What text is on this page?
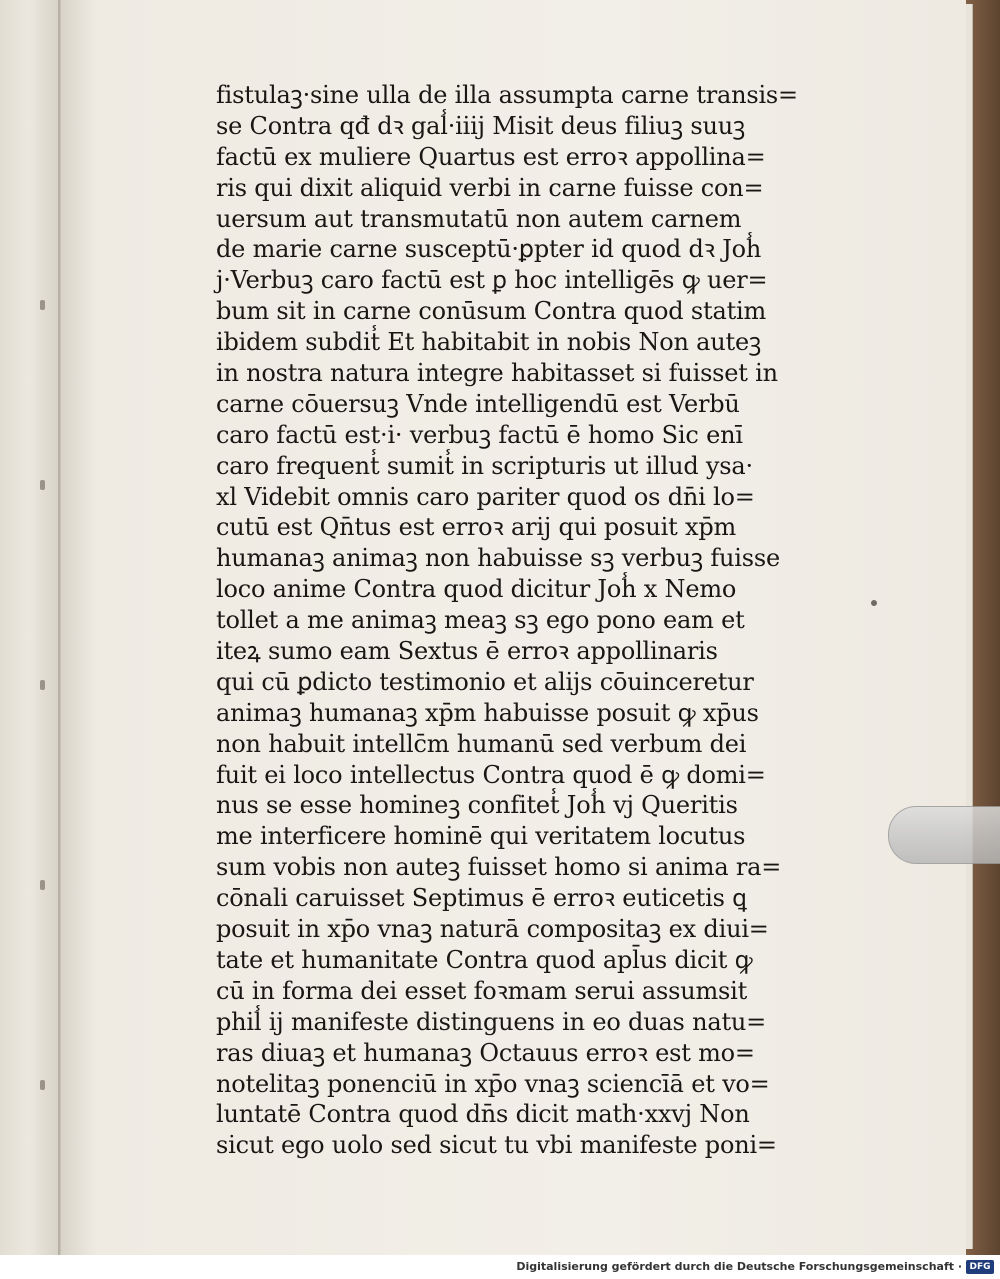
fistulaꝫ·sine ulla de illa assumpta carne transis=
se Contra qđ dꝛ gal̾·iiij Misit deus filiuꝫ suuꝫ
factū ex muliere Quartus est erroꝛ appollina=
ris qui dixit aliquid verbi in carne fuisse con=
uersum aut transmutatū non autem carnem
de marie carne susceptū·ꝑpter id quod dꝛ Joh̾
j·Verbuꝫ caro factū est ꝑ hoc intelligēs ꝙ uer=
bum sit in carne conūsum Contra quod statim
ibidem subdit̾ Et habitabit in nobis Non auteꝫ
in nostra natura integre habitasset si fuisset in
carne cōuersuꝫ Vnde intelligendū est Verbū
caro factū est·i· verbuꝫ factū ē homo Sic enī
caro frequent̾ sumit̾ in scripturis ut illud ysa·
xl Videbit omnis caro pariter quod os dn̄i lo=
cutū est Qn̄tus est erroꝛ arij qui posuit xp̄m
humanaꝫ animaꝫ non habuisse sꝫ verbuꝫ fuisse
loco anime Contra quod dicitur Joh̾ x Nemo
tollet a me animaꝫ meaꝫ sꝫ ego pono eam et
iteꝝ sumo eam Sextus ē erroꝛ appollinaris
qui cū ꝑdicto testimonio et alijs cōuinceretur
animaꝫ humanaꝫ xp̄m habuisse posuit ꝙ xp̄us
non habuit intellc̄m humanū sed verbum dei
fuit ei loco intellectus Contra quod ē ꝙ domi=
nus se esse homineꝫ confitet̾ Joh̾ vj Queritis
me interficere hominē qui veritatem locutus
sum vobis non auteꝫ fuisset homo si anima ra=
cōnali caruisset Septimus ē erroꝛ euticetis ꝗ
posuit in xp̄o vnaꝫ naturā compositaꝫ ex diui=
tate et humanitate Contra quod apl̄us dicit ꝙ
cū in forma dei esset foꝛmam serui assumsit
phil̾ ij manifeste distinguens in eo duas natu=
ras diuaꝫ et humanaꝫ Octauus erroꝛ est mo=
notelitaꝫ ponenciū in xp̄o vnaꝫ sciencīā et vo=
luntatē Contra quod dn̄s dicit math·xxvj Non
sicut ego uolo sed sicut tu vbi manifeste poni=
Digitalisierung gefördert durch die Deutsche Forschungsgemeinschaft · DFG
